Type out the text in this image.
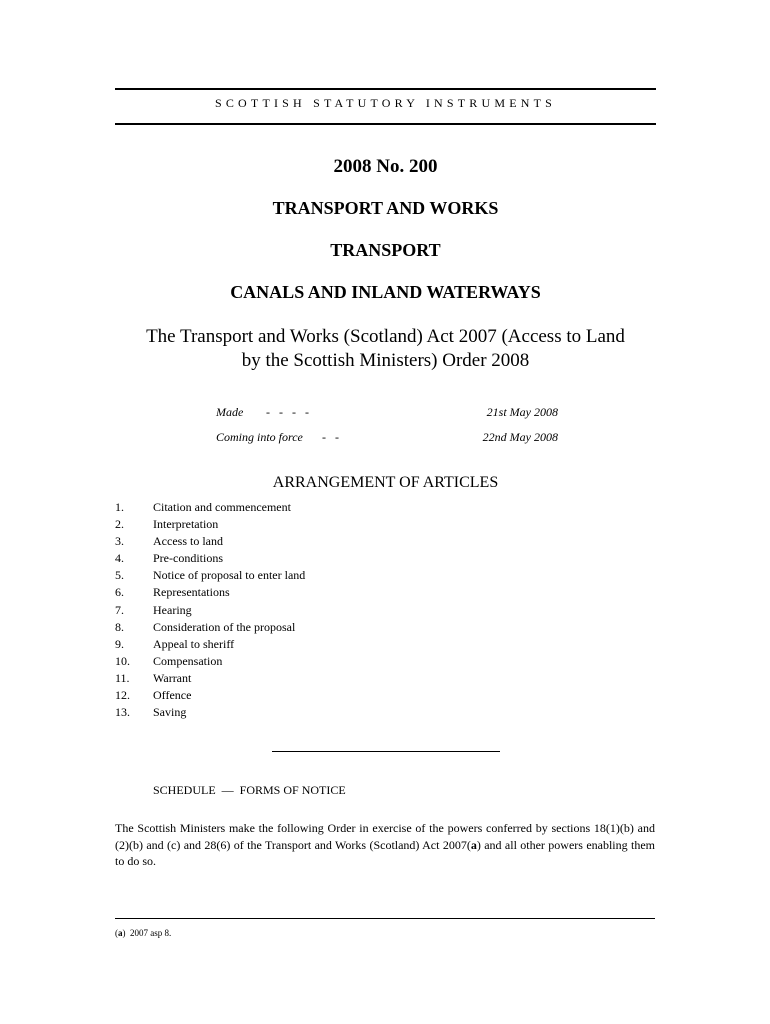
SCOTTISH STATUTORY INSTRUMENTS
2008 No. 200
TRANSPORT AND WORKS
TRANSPORT
CANALS AND INLAND WATERWAYS
The Transport and Works (Scotland) Act 2007 (Access to Land
by the Scottish Ministers) Order 2008
Made -   -   -   -	21st May 2008
Coming into force -   -	22nd May 2008
ARRANGEMENT OF ARTICLES
1. Citation and commencement
2. Interpretation
3. Access to land
4. Pre-conditions
5. Notice of proposal to enter land
6. Representations
7. Hearing
8. Consideration of the proposal
9. Appeal to sheriff
10. Compensation
11. Warrant
12. Offence
13. Saving
SCHEDULE  —  FORMS OF NOTICE
The Scottish Ministers make the following Order in exercise of the powers conferred by sections 18(1)(b) and (2)(b) and (c) and 28(6) of the Transport and Works (Scotland) Act 2007(a) and all other powers enabling them to do so.
(a)  2007 asp 8.
